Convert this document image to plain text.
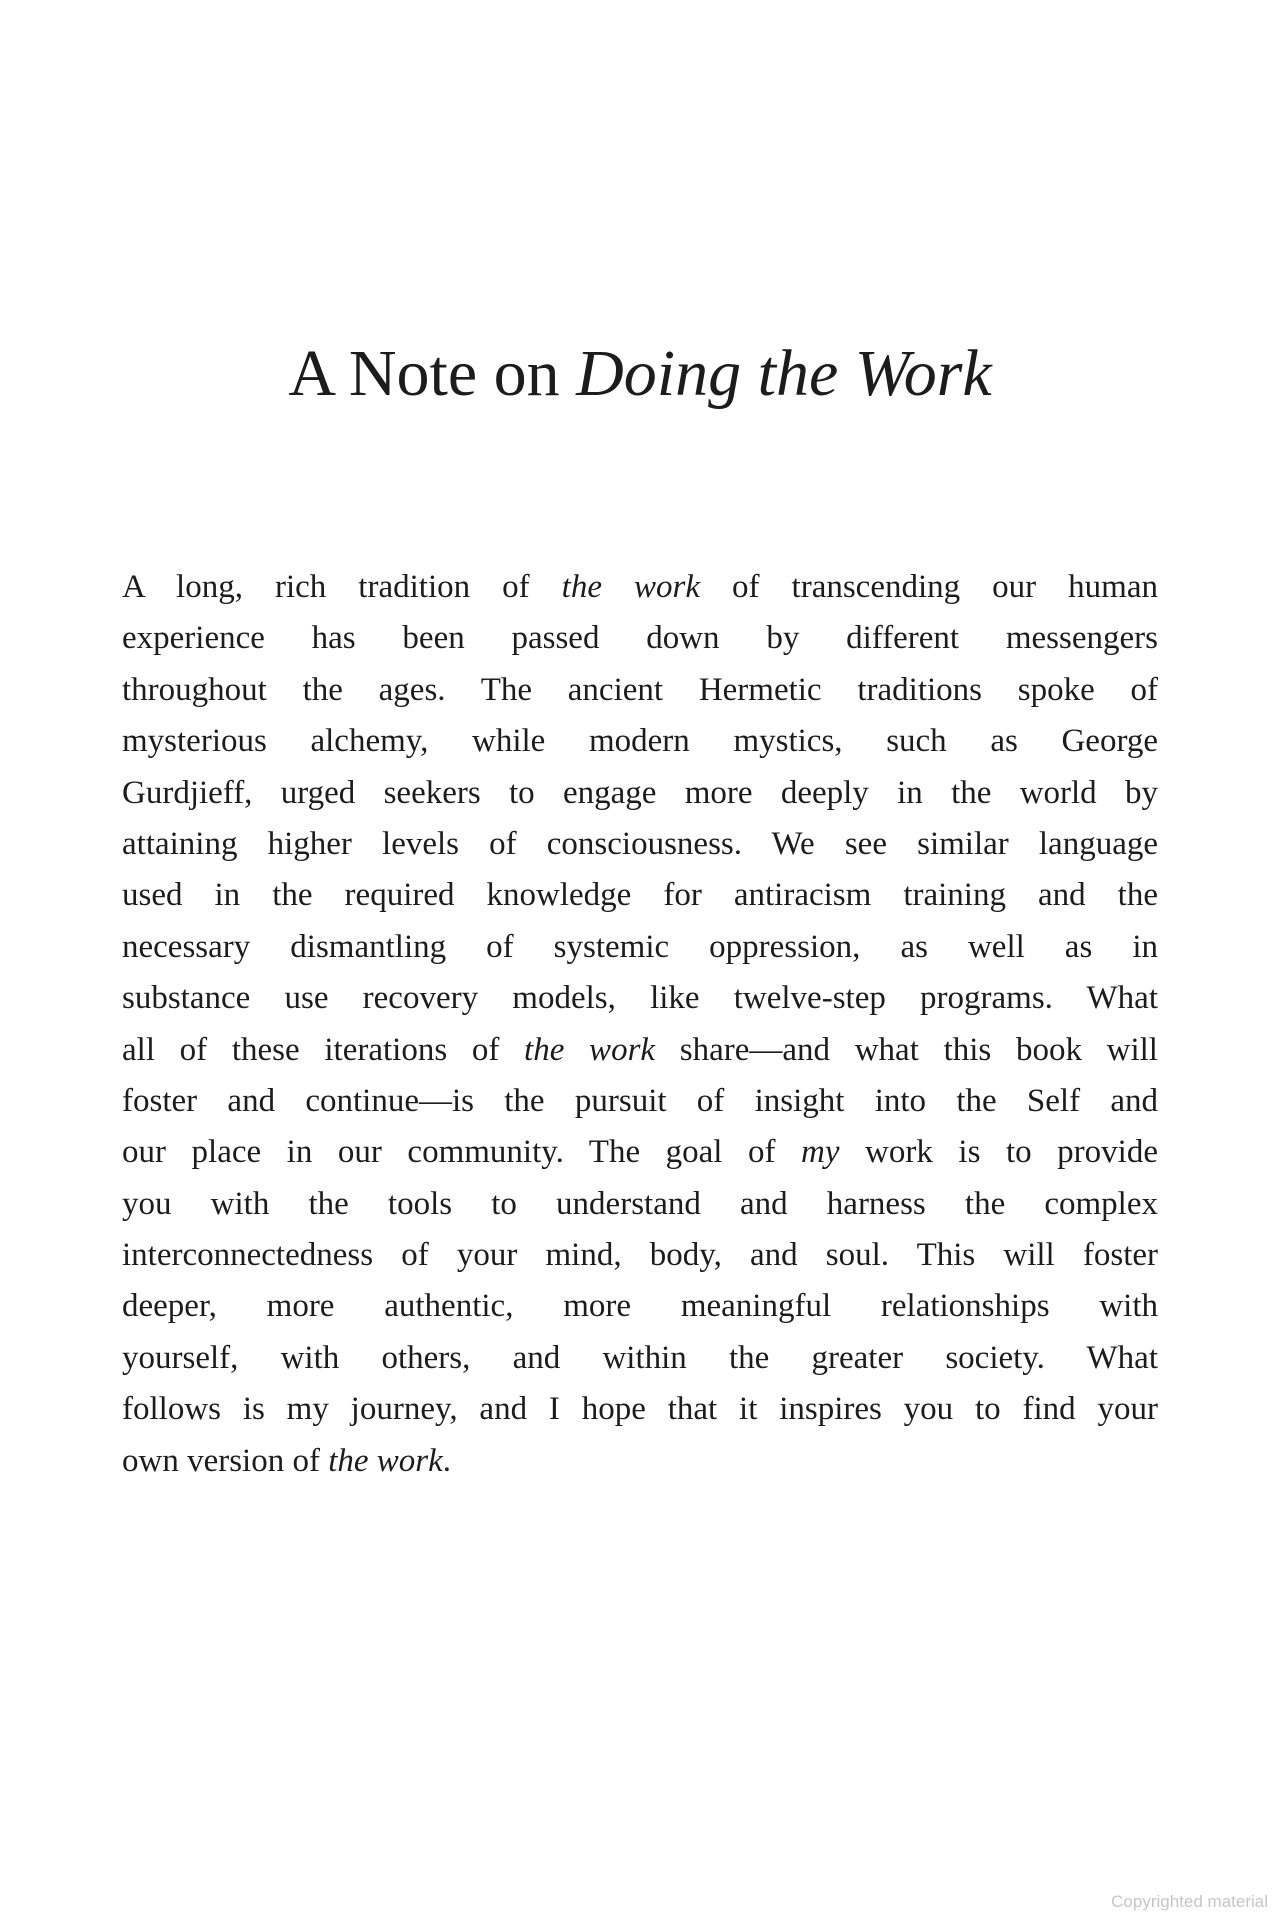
A Note on Doing the Work
A long, rich tradition of the work of transcending our human
experience has been passed down by different messengers
throughout the ages. The ancient Hermetic traditions spoke of
mysterious alchemy, while modern mystics, such as George
Gurdjieff, urged seekers to engage more deeply in the world by
attaining higher levels of consciousness. We see similar language
used in the required knowledge for antiracism training and the
necessary dismantling of systemic oppression, as well as in
substance use recovery models, like twelve-step programs. What
all of these iterations of the work share—and what this book will
foster and continue—is the pursuit of insight into the Self and
our place in our community. The goal of my work is to provide
you with the tools to understand and harness the complex
interconnectedness of your mind, body, and soul. This will foster
deeper, more authentic, more meaningful relationships with
yourself, with others, and within the greater society. What
follows is my journey, and I hope that it inspires you to find your
own version of the work.
Copyrighted material
